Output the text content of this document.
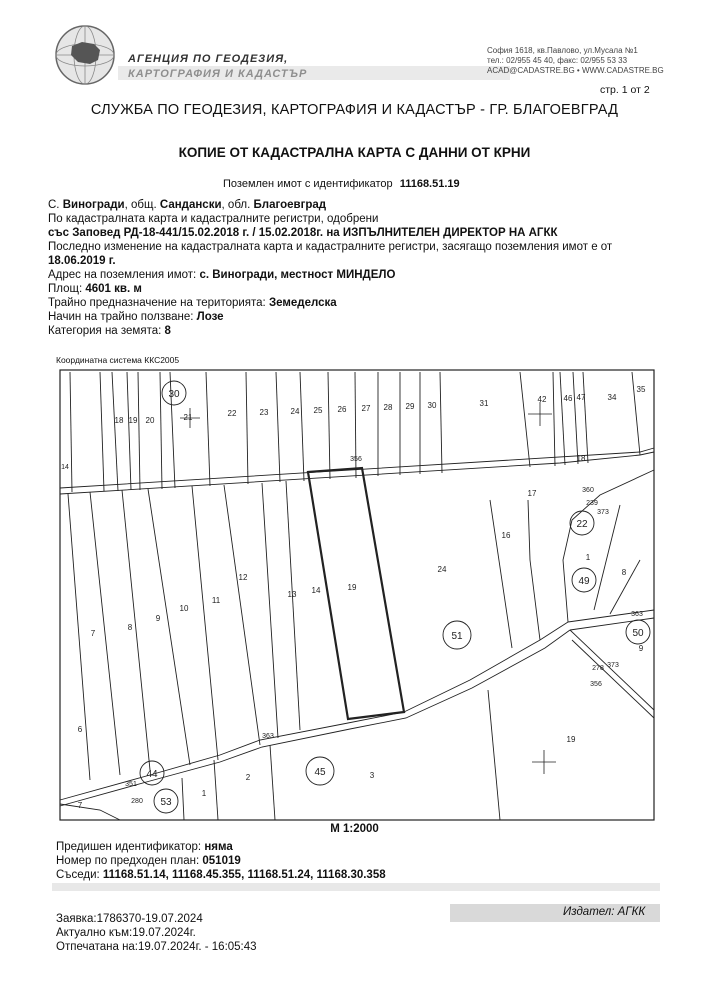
АГЕНЦИЯ ПО ГЕОДЕЗИЯ,
София 1618, кв.Павлово, ул.Мусала №1
тел.: 02/955 45 40, факс: 02/955 53 33
ACAD@CADASTRE.BG • WWW.CADASTRE.BG
стр. 1 от 2
СЛУЖБА ПО ГЕОДЕЗИЯ, КАРТОГРАФИЯ И КАДАСТЪР - ГР. БЛАГОЕВГРАД
КОПИЕ ОТ КАДАСТРАЛНА КАРТА С ДАННИ ОТ КРНИ
Поземлен имот с идентификатор 11168.51.19
С. Виногради, общ. Сандански, обл. Благоевград
По кадастралната карта и кадастралните регистри, одобрени
със Заповед РД-18-441/15.02.2018 г. / 15.02.2018г. на ИЗПЪЛНИТЕЛЕН ДИРЕКТОР НА АГКК
Последно изменение на кадастралната карта и кадастралните регистри, засягащо поземления имот е от
18.06.2019 г.
Адрес на поземления имот: с. Виногради, местност МИНДЕЛО
Площ: 4601 кв. м
Трайно предназначение на територията: Земеделска
Начин на трайно ползване: Лозе
Категория на земята: 8
Координатна система ККС2005
18 19 20	21	22	23	24 25 26 27 28 29 30	31	42 46 47	34
35
7
8
9
10
11
12
13 14	19
24
16
17
18
6
1
8
9
2	3
19
7
1
356
360
239
373
363
278 373
356
363
351
280
14
30
22
49
51	50
44	45
53
M 1:2000
Предишен идентификатор: няма
Номер по предходен план: 051019
Съседи: 11168.51.14, 11168.45.355, 11168.51.24, 11168.30.358
Издател: АГКК
Заявка:1786370-19.07.2024
Актуално към:19.07.2024г.
Отпечатана на:19.07.2024г. - 16:05:43
